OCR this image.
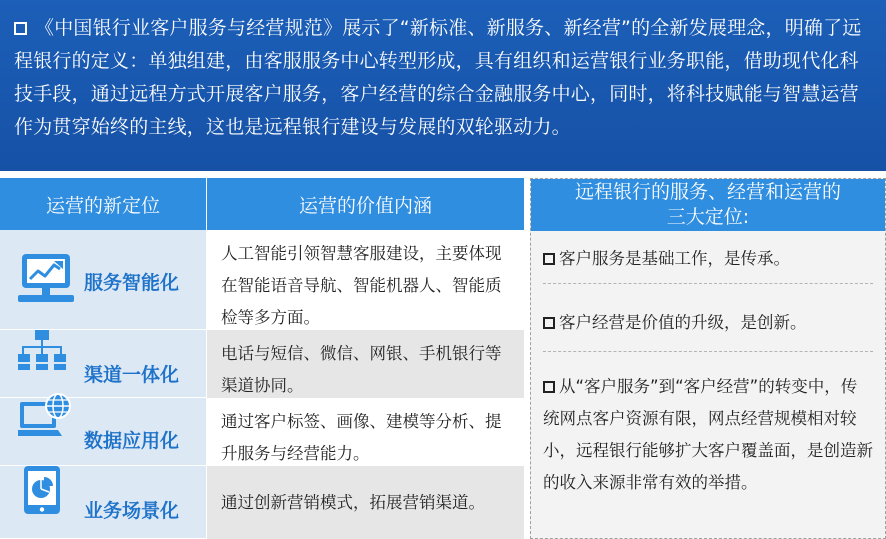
《中国银行业客户服务与经营规范》展示了“新标准、新服务、新经营”的全新发展理念，明确了远程银行的定义：单独组建，由客服服务中心转型形成，具有组织和运营银行业务职能，借助现代化科技手段，通过远程方式开展客户服务，客户经营的综合金融服务中心，同时，将科技赋能与智慧运营作为贯穿始终的主线，这也是远程银行建设与发展的双轮驱动力。

运营的新定位	运营的价值内涵
服务智能化
人工智能引领智慧客服建设，主要体现在智能语音导航、智能机器人、智能质检等多方面。
渠道一体化
电话与短信、微信、网银、手机银行等渠道协同。
数据应用化
通过客户标签、画像、建模等分析、提升服务与经营能力。
业务场景化	通过创新营销模式，拓展营销渠道。
远程银行的服务、经营和运营的
三大定位:
客户服务是基础工作，是传承。
客户经营是价值的升级，是创新。
从“客户服务”到“客户经营”的转变中，传统网点客户资源有限，网点经营规模相对较小，远程银行能够扩大客户覆盖面，是创造新的收入来源非常有效的举措。
